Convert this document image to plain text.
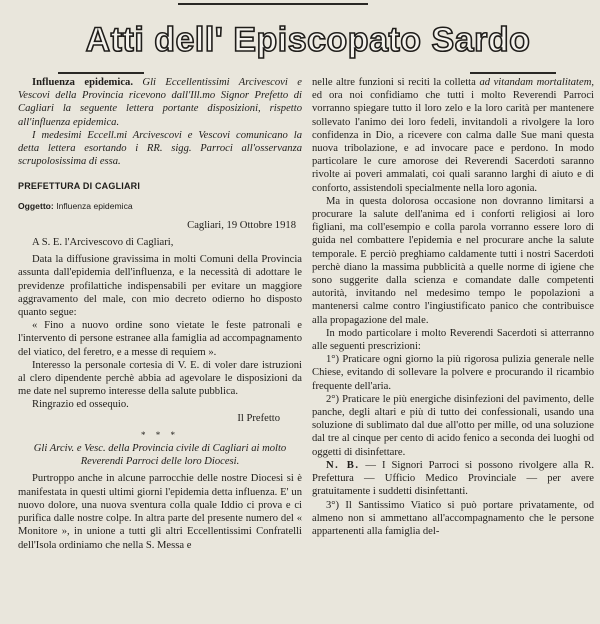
Atti dell' Episcopato Sardo

Influenza epidemica. Gli Eccellentissimi Arcivescovi e Vescovi della Provincia ricevono dall'Ill.mo Signor Prefetto di Cagliari la seguente lettera portante disposizioni, rispetto all'influenza epidemica.

I medesimi Eccell.mi Arcivescovi e Vescovi comunicano la detta lettera esortando i RR. sigg. Parroci all'osservanza scrupolosissima di essa.

PREFETTURA DI CAGLIARI

Oggetto: Influenza epidemica

Cagliari, 19 Ottobre 1918

A S. E. l'Arcivescovo di Cagliari,

Data la diffusione gravissima in molti Comuni della Provincia assunta dall'epidemia dell'influenza, e la necessità di adottare le previdenze profilattiche indispensabili per evitare un maggiore aggravamento del male, con mio decreto odierno ho disposto quanto segue:

« Fino a nuovo ordine sono vietate le feste patronali e l'intervento di persone estranee alla famiglia ad accompagnamento del viatico, del feretro, e a messe di requiem ».

Interesso la personale cortesia di V. E. di voler dare istruzioni al clero dipendente perchè abbia ad agevolare le disposizioni da me date nel supremo interesse della salute pubblica.

Ringrazio ed ossequio.

Il Prefetto

* * *

Gli Arciv. e Vesc. della Provincia civile di Cagliari ai molto Reverendi Parroci delle loro Diocesi.

Purtroppo anche in alcune parrocchie delle nostre Diocesi si è manifestata in questi ultimi giorni l'epidemia detta influenza. E' un nuovo dolore, una nuova sventura colla quale Iddio ci prova e ci purifica dalle nostre colpe. In altra parte del presente numero del « Monitore », in unione a tutti gli altri Eccellentissimi Confratelli dell'Isola ordiniamo che nella S. Messa e

nelle altre funzioni si reciti la colletta ad vitandam mortalitatem, ed ora noi confidiamo che tutti i molto Reverendi Parroci vorranno spiegare tutto il loro zelo e la loro carità per mantenere sollevato l'animo dei loro fedeli, invitandoli a rivolgere la loro confidenza in Dio, a ricevere con calma dalle Sue mani questa nuova tribolazione, e ad invocare pace e perdono. In modo particolare le cure amorose dei Reverendi Sacerdoti saranno rivolte ai poveri ammalati, coi quali saranno larghi di aiuto e di conforto, assistendoli specialmente nella loro agonia.

Ma in questa dolorosa occasione non dovranno limitarsi a procurare la salute dell'anima ed i conforti religiosi ai loro figliani, ma coll'esempio e colla parola vorranno essere loro di guida nel combattere l'epidemia e nel procurare anche la salute temporale. E perciò preghiamo caldamente tutti i nostri Sacerdoti perchè diano la massima pubblicità a quelle norme di igiene che sono suggerite dalla scienza e comandate dalle competenti autorità, invitando nel medesimo tempo le popolazioni a mantenersi calme contro l'ingiustificato panico che contribuisce alla propagazione del male.

In modo particolare i molto Reverendi Sacerdoti si atterranno alle seguenti prescrizioni:

1°) Praticare ogni giorno la più rigorosa pulizia generale nelle Chiese, evitando di sollevare la polvere e procurando il ricambio frequente dell'aria.

2°) Praticare le più energiche disinfezioni del pavimento, delle panche, degli altari e più di tutto dei confessionali, usando una soluzione di sublimato dal due all'otto per mille, od una soluzione dal tre al cinque per cento di acido fenico a seconda dei luoghi od oggetti di disinfettare.

N. B. — I Signori Parroci si possono rivolgere alla R. Prefettura — Ufficio Medico Provinciale — per avere gratuitamente i suddetti disinfettanti.

3°) Il Santissimo Viatico si può portare privatamente, od almeno non si ammettano all'accompagnamento che le persone appartenenti alla famiglia del-
